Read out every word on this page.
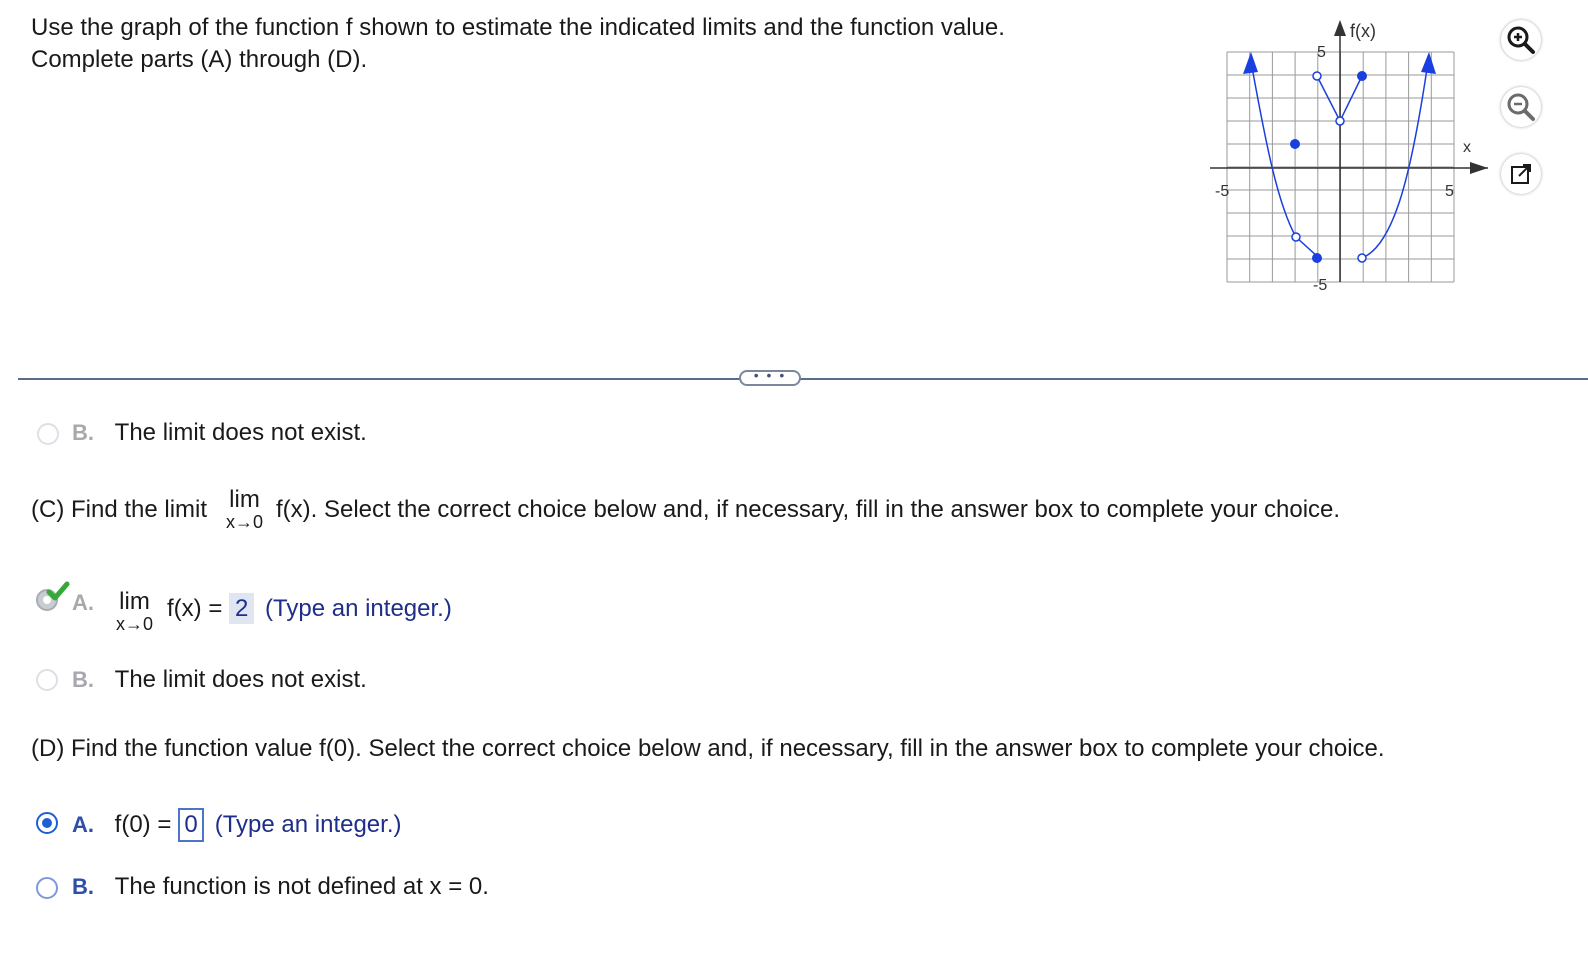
Use the graph of the function f shown to estimate the indicated limits and the function value.
Complete parts (A) through (D).
f(x)
x
5
-5
5
-5
• • •
B. The limit does not exist.
(C) Find the limit lim
x→0 f(x). Select the correct choice below and, if necessary, fill in the answer box to complete your choice.
A. lim
x→0
f(x) = 2 (Type an integer.)
B. The limit does not exist.
(D) Find the function value f(0). Select the correct choice below and, if necessary, fill in the answer box to complete your choice.
A. f(0) = 0 (Type an integer.)
B. The function is not defined at x = 0.
